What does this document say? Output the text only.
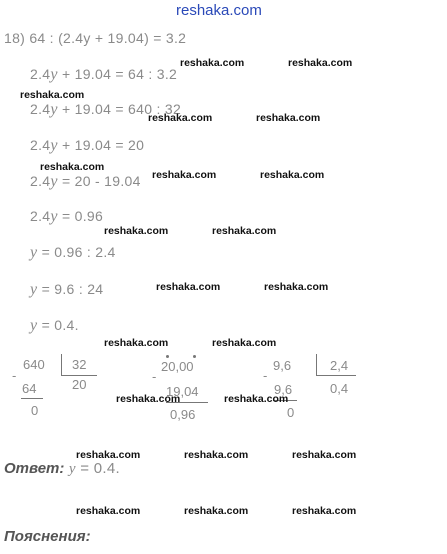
reshaka.com
18) 64 : (2.4y + 19.04) = 3.2
2.4y + 19.04 = 64 : 3.2
2.4y + 19.04 = 640 : 32
2.4y + 19.04 = 20
2.4y = 20 - 19.04
2.4y = 0.96
y = 0.96 : 2.4
y = 9.6 : 24
y = 0.4.
-
640 32
20
64
0
-
20,00
19,04
0,96
-
9,6	2,4
0,4
9,6
0
reshaka.com	reshaka.com
reshaka.com
reshaka.com	reshaka.com
reshaka.com
reshaka.com	reshaka.com
reshaka.com	reshaka.com
reshaka.com	reshaka.com
reshaka.com	reshaka.com
reshaka.com	reshaka.com
reshaka.com	reshaka.com	reshaka.com
reshaka.com	reshaka.com	reshaka.com
Ответ: y = 0.4.
Пояснения:
